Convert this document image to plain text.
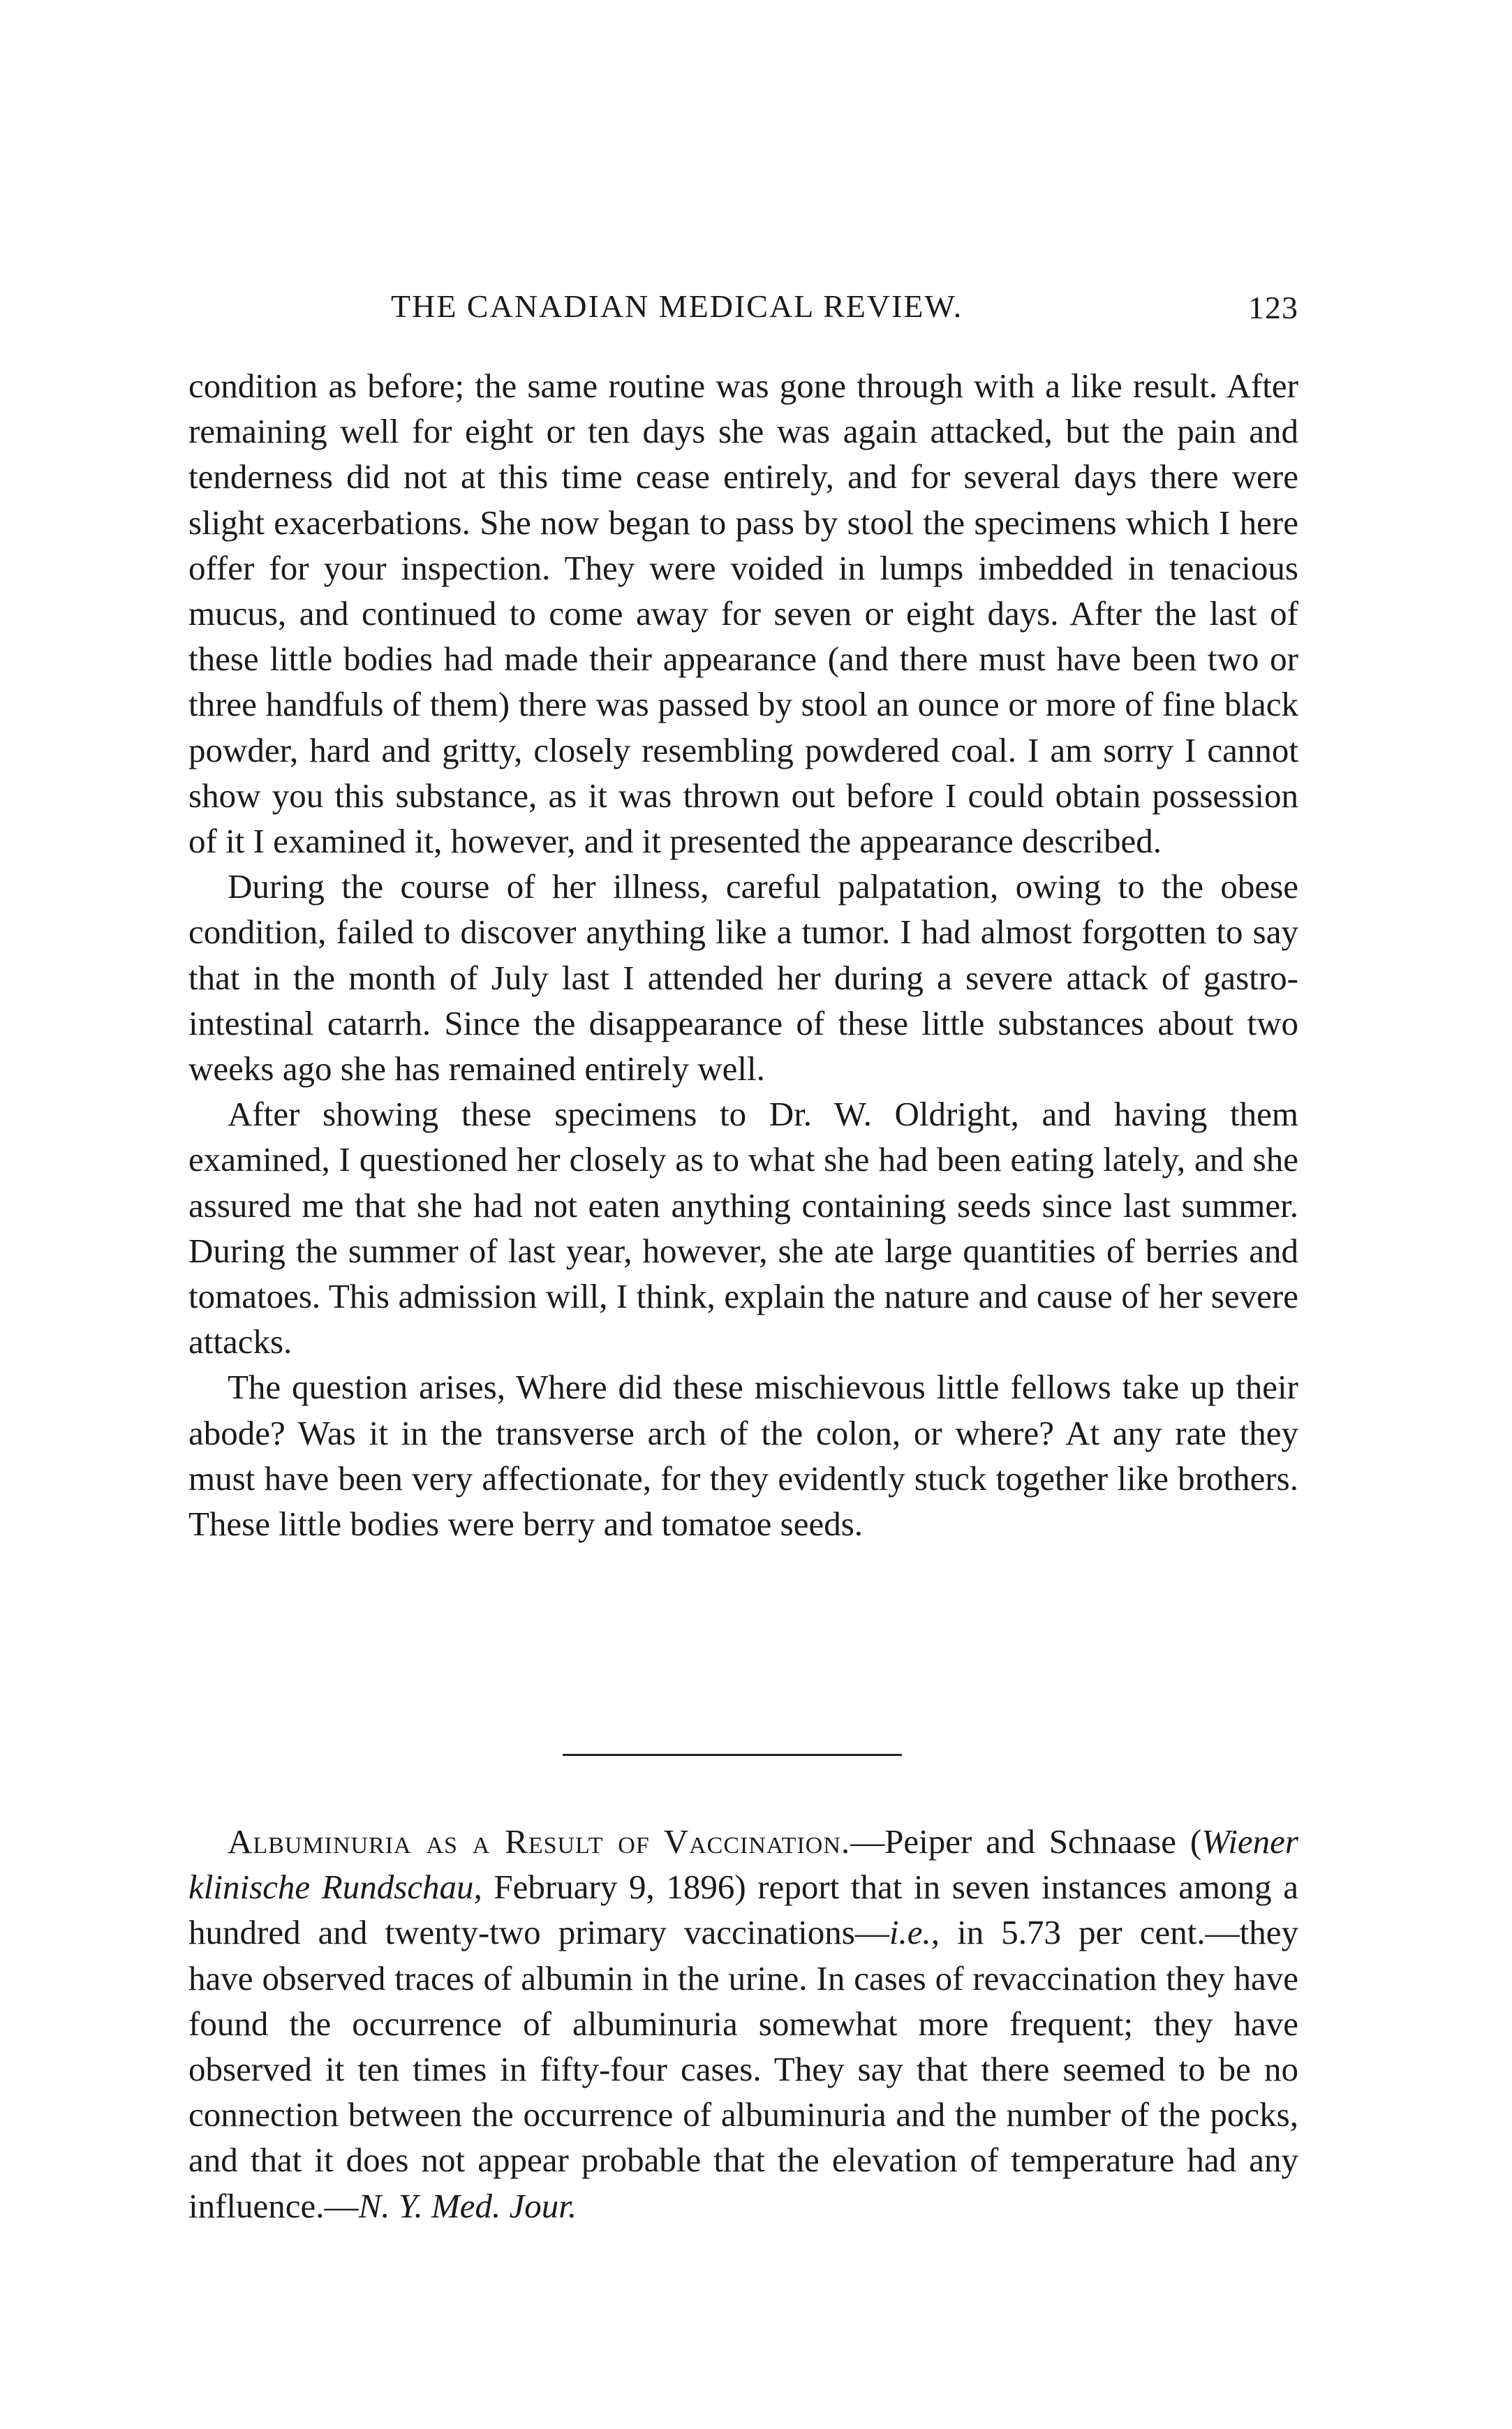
THE CANADIAN MEDICAL REVIEW.	123

condition as before; the same routine was gone through with a like result. After remaining well for eight or ten days she was again attacked, but the pain and tenderness did not at this time cease entirely, and for several days there were slight exacerbations. She now began to pass by stool the specimens which I here offer for your inspection. They were voided in lumps imbedded in tenacious mucus, and continued to come away for seven or eight days. After the last of these little bodies had made their appearance (and there must have been two or three handfuls of them) there was passed by stool an ounce or more of fine black powder, hard and gritty, closely resembling powdered coal. I am sorry I cannot show you this substance, as it was thrown out before I could obtain possession of it I examined it, however, and it presented the appearance described.

During the course of her illness, careful palpatation, owing to the obese condition, failed to discover anything like a tumor. I had almost forgotten to say that in the month of July last I attended her during a severe attack of gastro-intestinal catarrh. Since the disappearance of these little substances about two weeks ago she has remained entirely well.

After showing these specimens to Dr. W. Oldright, and having them examined, I questioned her closely as to what she had been eating lately, and she assured me that she had not eaten anything containing seeds since last summer. During the summer of last year, however, she ate large quantities of berries and tomatoes. This admission will, I think, explain the nature and cause of her severe attacks.

The question arises, Where did these mischievous little fellows take up their abode? Was it in the transverse arch of the colon, or where? At any rate they must have been very affectionate, for they evidently stuck together like brothers. These little bodies were berry and tomatoe seeds.

Albuminuria as a Result of Vaccination.—Peiper and Schnaase (Wiener klinische Rundschau, February 9, 1896) report that in seven instances among a hundred and twenty-two primary vaccinations—i.e., in 5.73 per cent.—they have observed traces of albumin in the urine. In cases of revaccination they have found the occurrence of albuminuria somewhat more frequent; they have observed it ten times in fifty-four cases. They say that there seemed to be no connection between the occurrence of albuminuria and the number of the pocks, and that it does not appear probable that the elevation of temperature had any influence.—N. Y. Med. Jour.
